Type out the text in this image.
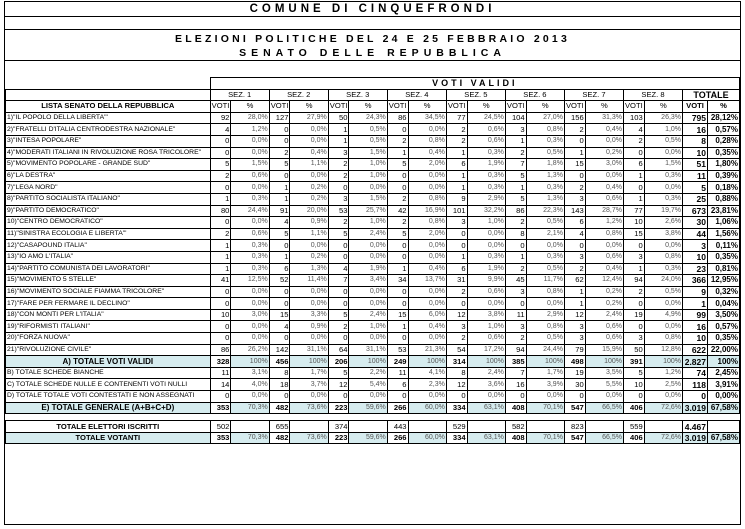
COMUNE DI CINQUEFRONDI
ELEZIONI POLITICHE DEL 24 E 25 FEBBRAIO 2013
SENATO DELLE REPUBBLICA
	VOTI VALIDI																	
	SEZ. 1		SEZ. 2		SEZ. 3		SEZ. 4		SEZ. 5		SEZ. 6		SEZ. 7		SEZ. 8		TOTALE	
LISTA SENATO DELLA REPUBBLICA	VOTI	%	VOTI	%	VOTI	%	VOTI	%	VOTI	%	VOTI	%	VOTI	%	VOTI	%	VOTI	%
1)"IL POPOLO DELLA LIBERTA'"	92	28,0%	127	27,9%	50	24,3%	86	34,5%	77	24,5%	104	27,0%	156	31,3%	103	26,3%	795	28,12%
2)"FRATELLI D'ITALIA CENTRODESTRA NAZIONALE"	4	1,2%	0	0,0%	1	0,5%	0	0,0%	2	0,6%	3	0,8%	2	0,4%	4	1,0%	16	0,57%
3)"INTESA POPOLARE"	0	0,0%	0	0,0%	1	0,5%	2	0,8%	2	0,6%	1	0,3%	0	0,0%	2	0,5%	8	0,28%
4)"MODERATI ITALIANI IN RIVOLUZIONE ROSA TRICOLORE"	0	0,0%	2	0,4%	3	1,5%	1	0,4%	1	0,3%	2	0,5%	1	0,2%	0	0,0%	10	0,35%
5)"MOVIMENTO POPOLARE - GRANDE SUD"	5	1,5%	5	1,1%	2	1,0%	5	2,0%	6	1,9%	7	1,8%	15	3,0%	6	1,5%	51	1,80%
6)"LA DESTRA"	2	0,6%	0	0,0%	2	1,0%	0	0,0%	1	0,3%	5	1,3%	0	0,0%	1	0,3%	11	0,39%
7)"LEGA NORD"	0	0,0%	1	0,2%	0	0,0%	0	0,0%	1	0,3%	1	0,3%	2	0,4%	0	0,0%	5	0,18%
8)"PARTITO SOCIALISTA ITALIANO"	1	0,3%	1	0,2%	3	1,5%	2	0,8%	9	2,9%	5	1,3%	3	0,6%	1	0,3%	25	0,88%
9)"PARTITO DEMOCRATICO"	80	24,4%	91	20,0%	53	25,7%	42	16,9%	101	32,2%	86	22,3%	143	28,7%	77	19,7%	673	23,81%
10)"CENTRO DEMOCRATICO"	0	0,0%	4	0,9%	2	1,0%	2	0,8%	3	1,0%	2	0,5%	6	1,2%	10	2,6%	30	1,06%
11)"SINISTRA ECOLOGIA E LIBERTA'"	2	0,6%	5	1,1%	5	2,4%	5	2,0%	0	0,0%	8	2,1%	4	0,8%	15	3,8%	44	1,56%
12)"CASAPOUND ITALIA"	1	0,3%	0	0,0%	0	0,0%	0	0,0%	0	0,0%	0	0,0%	0	0,0%	0	0,0%	3	0,11%
13)"IO AMO L'ITALIA"	1	0,3%	1	0,2%	0	0,0%	0	0,0%	1	0,3%	1	0,3%	3	0,6%	3	0,8%	10	0,35%
14)"PARTITO COMUNISTA DEI LAVORATORI"	1	0,3%	6	1,3%	4	1,9%	1	0,4%	6	1,9%	2	0,5%	2	0,4%	1	0,3%	23	0,81%
15)"MOVIMENTO 5 STELLE"	41	12,5%	52	11,4%	7	3,4%	34	13,7%	31	9,9%	45	11,7%	62	12,4%	94	24,0%	366	12,95%
16)"MOVIMENTO SOCIALE FIAMMA TRICOLORE"	0	0,0%	0	0,0%	0	0,0%	0	0,0%	2	0,6%	3	0,8%	1	0,2%	2	0,5%	9	0,32%
17)"FARE PER FERMARE IL DECLINO"	0	0,0%	0	0,0%	0	0,0%	0	0,0%	0	0,0%	0	0,0%	1	0,2%	0	0,0%	1	0,04%
18)"CON MONTI PER L'ITALIA"	10	3,0%	15	3,3%	5	2,4%	15	6,0%	12	3,8%	11	2,9%	12	2,4%	19	4,9%	99	3,50%
19)"RIFORMISTI ITALIANI"	0	0,0%	4	0,9%	2	1,0%	1	0,4%	3	1,0%	3	0,8%	3	0,6%	0	0,0%	16	0,57%
20)"FORZA NUOVA"	0	0,0%	0	0,0%	0	0,0%	0	0,0%	2	0,6%	2	0,5%	3	0,6%	3	0,8%	10	0,35%
21)"RIVOLUZIONE CIVILE"	86	26,2%	142	31,1%	64	31,1%	53	21,3%	54	17,2%	94	24,4%	79	15,9%	50	12,8%	622	22,00%
A) TOTALE VOTI VALIDI	328	100%	456	100%	206	100%	249	100%	314	100%	385	100%	498	100%	391	100%	2.827	100%
B) TOTALE SCHEDE BIANCHE	11	3,1%	8	1,7%	5	2,2%	11	4,1%	8	2,4%	7	1,7%	19	3,5%	5	1,2%	74	2,45%
C) TOTALE SCHEDE NULLE E CONTENENTI VOTI NULLI	14	4,0%	18	3,7%	12	5,4%	6	2,3%	12	3,6%	16	3,9%	30	5,5%	10	2,5%	118	3,91%
D) TOTALE TOTALE VOTI CONTESTATI E NON ASSEGNATI	0	0,0%	0	0,0%	0	0,0%	0	0,0%	0	0,0%	0	0,0%	0	0,0%	0	0,0%	0	0,00%
E) TOTALE GENERALE (A+B+C+D)	353	70,3%	482	73,6%	223	59,6%	266	60,0%	334	63,1%	408	70,1%	547	66,5%	406	72,6%	3.019	67,58%

TOTALE ELETTORI ISCRITTI	502		655		374		443		529		582		823		559		4.467	
TOTALE VOTANTI	353	70,3%	482	73,6%	223	59,6%	266	60,0%	334	63,1%	408	70,1%	547	66,5%	406	72,6%	3.019	67,58%
